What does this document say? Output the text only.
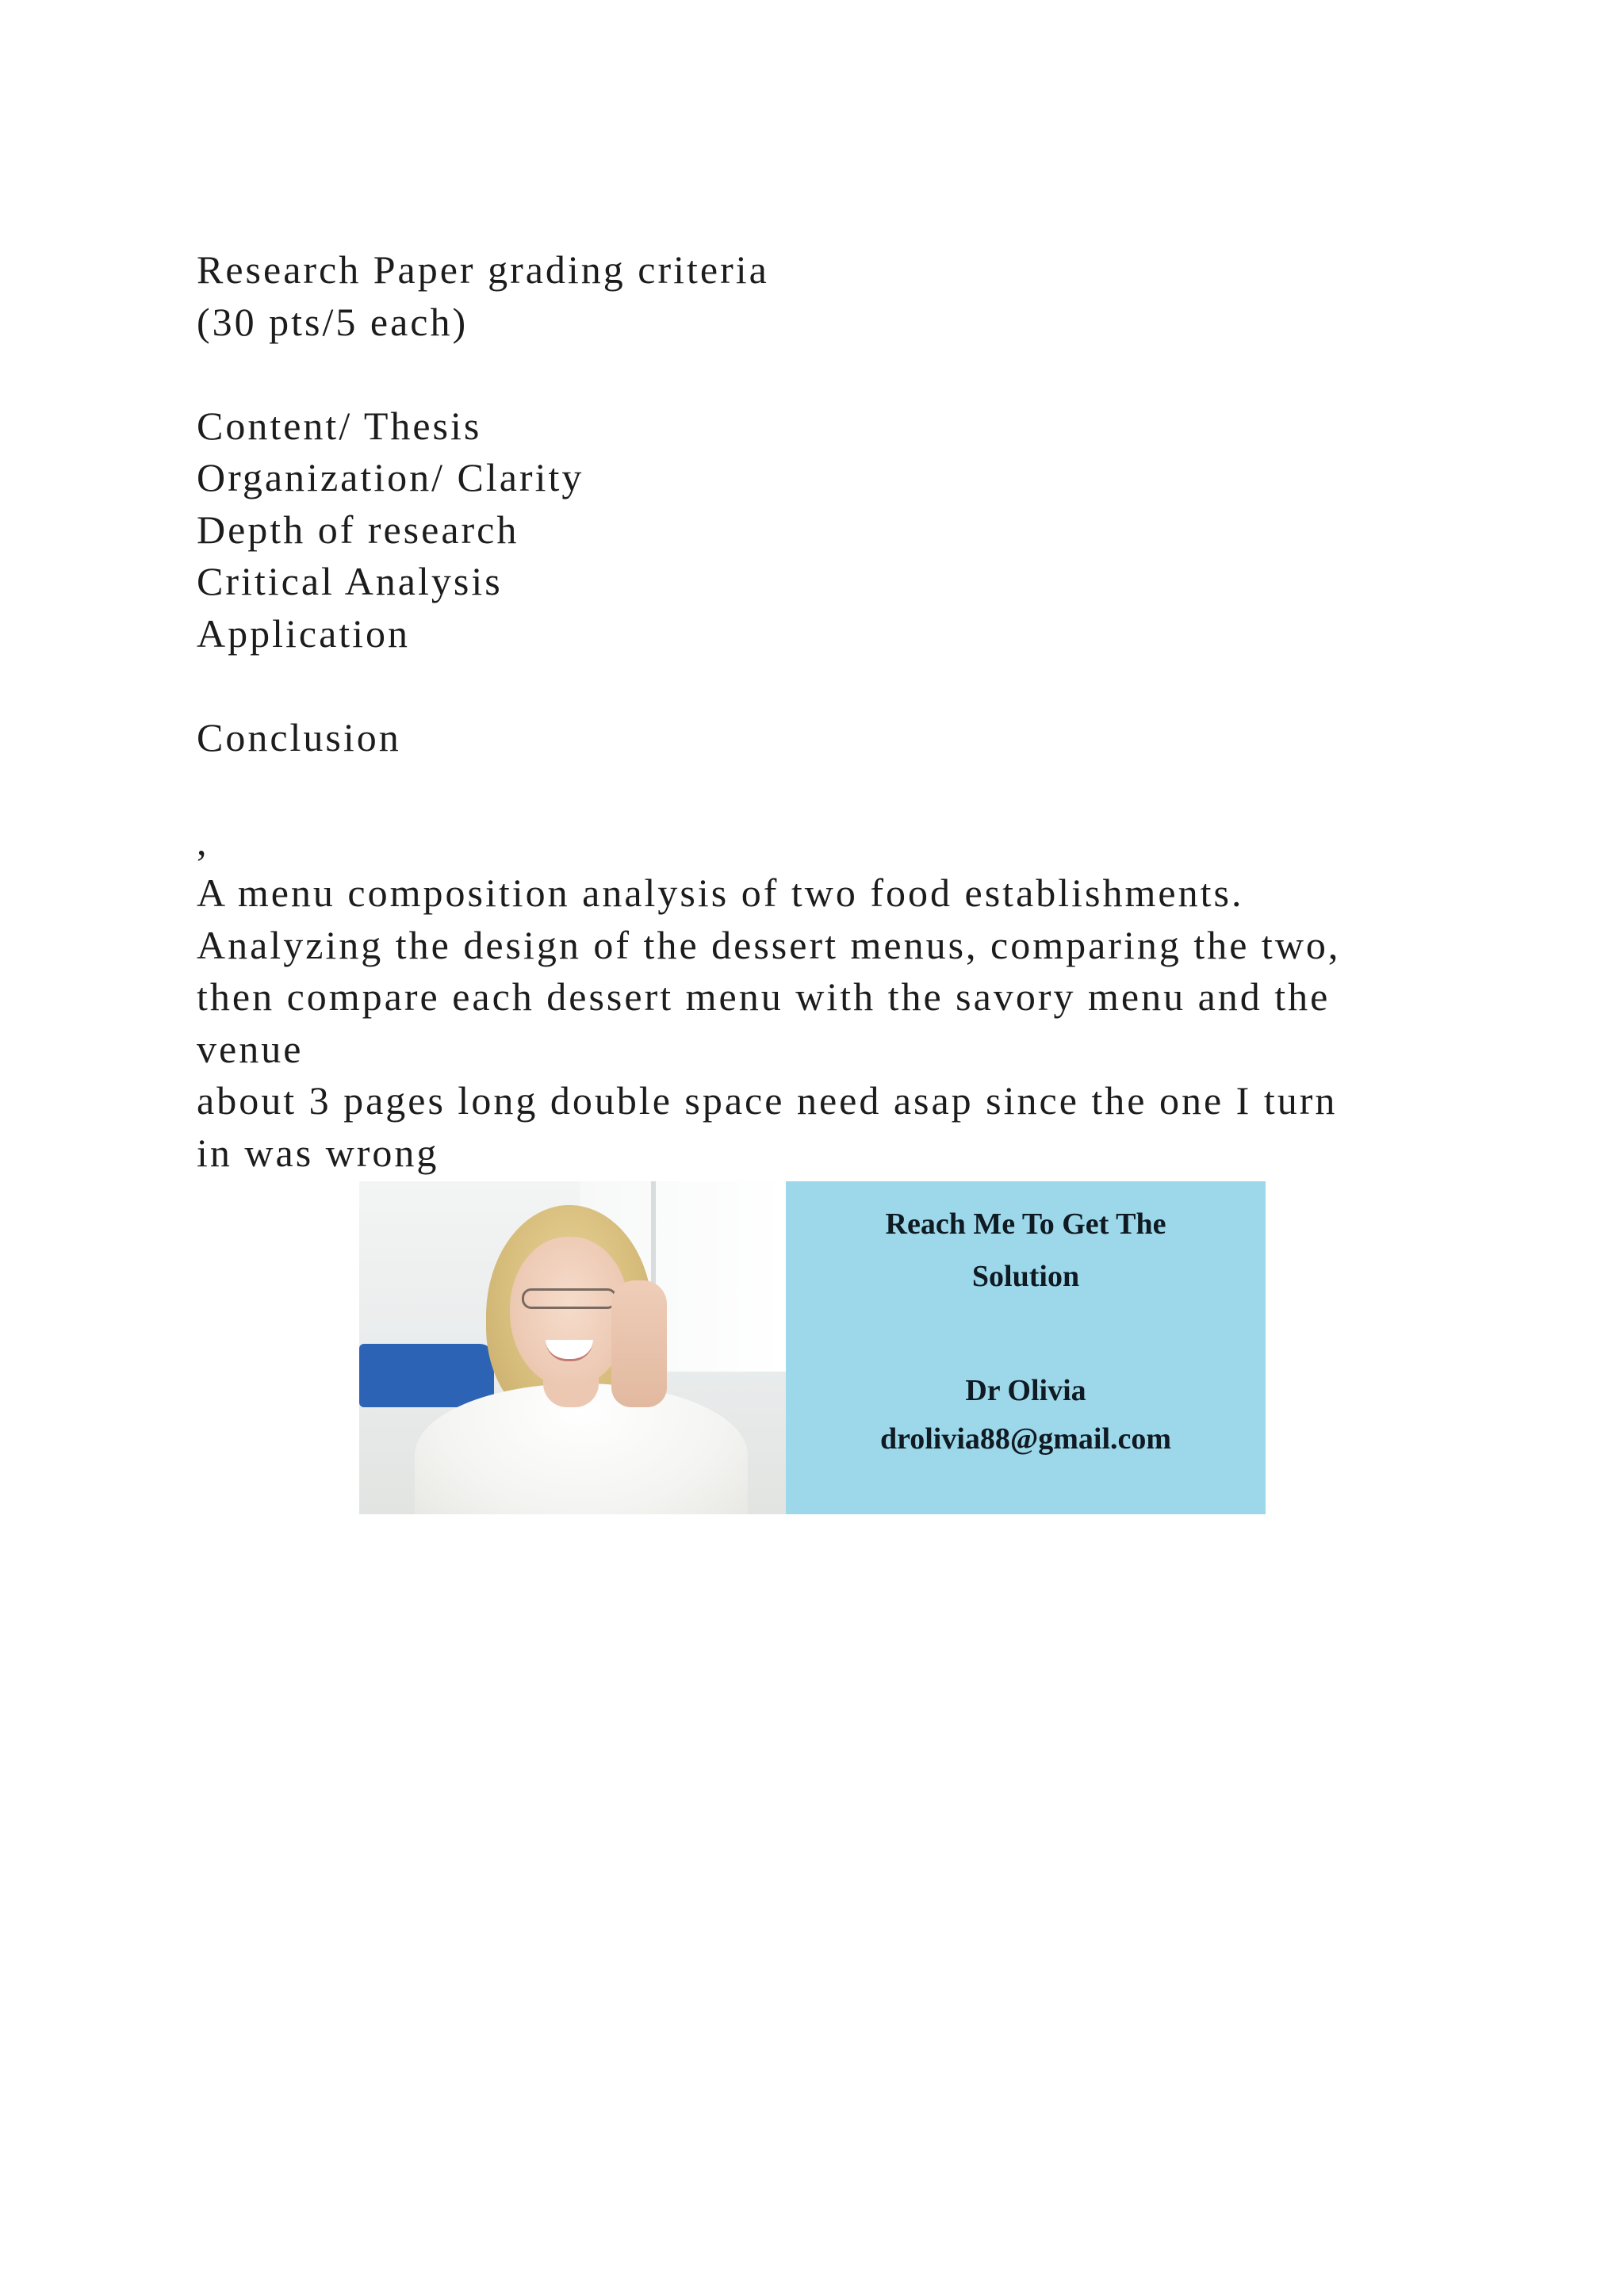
Research Paper grading criteria
(30 pts/5 each)
Content/ Thesis
Organization/ Clarity
Depth of research
Critical Analysis
Application
Conclusion
,
A menu composition analysis of two food establishments.
Analyzing the design of the dessert menus, comparing the two,
then compare each dessert menu with the savory menu and the
venue
about 3 pages long double space need asap since the one I turn
in was wrong
Reach Me To Get The
Solution
Dr Olivia
drolivia88@gmail.com
